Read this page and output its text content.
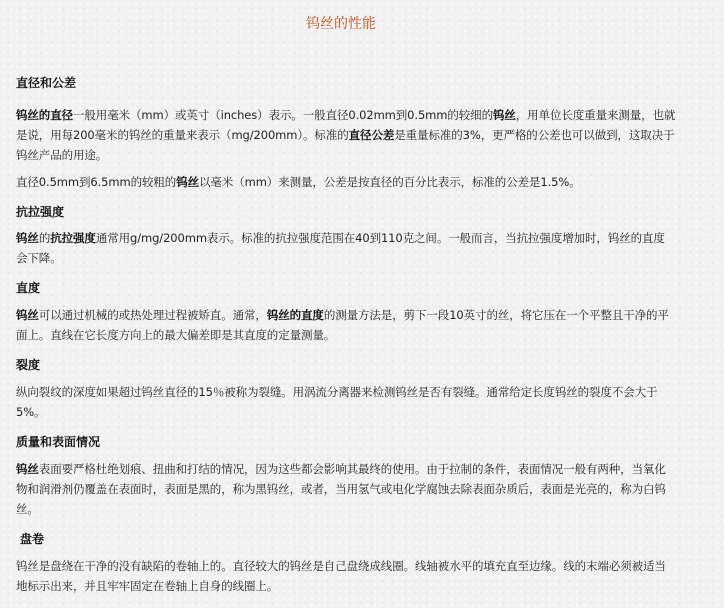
钨丝的性能
直径和公差
钨丝的直径一般用毫米（mm）或英寸（inches）表示。一般直径0.02mm到0.5mm的较细的钨丝，用单位长度重量来测量，也就是说，用每200毫米的钨丝的重量来表示（mg/200mm）。标准的直径公差是重量标准的3%，更严格的公差也可以做到，这取决于钨丝产品的用途。
直径0.5mm到6.5mm的较粗的钨丝以毫米（mm）来测量，公差是按直径的百分比表示，标准的公差是1.5%。
抗拉强度
钨丝的抗拉强度通常用g/mg/200mm表示。标准的抗拉强度范围在40到110克之间。一般而言，当抗拉强度增加时，钨丝的直度会下降。
直度
钨丝可以通过机械的或热处理过程被矫直。通常，钨丝的直度的测量方法是，剪下一段10英寸的丝，将它压在一个平整且干净的平面上。直线在它长度方向上的最大偏差即是其直度的定量测量。
裂度
纵向裂纹的深度如果超过钨丝直径的15％被称为裂缝。用涡流分离器来检测钨丝是否有裂缝。通常给定长度钨丝的裂度不会大于5%。
质量和表面情况
钨丝表面要严格杜绝划痕、扭曲和打结的情况，因为这些都会影响其最终的使用。由于拉制的条件，表面情况一般有两种，当氧化物和润滑剂仍覆盖在表面时，表面是黑的，称为黑钨丝，或者，当用氢气或电化学腐蚀去除表面杂质后，表面是光亮的，称为白钨丝。
盘卷
钨丝是盘绕在干净的没有缺陷的卷轴上的。直径较大的钨丝是自己盘绕成线圈。线轴被水平的填充直至边缘。线的末端必须被适当地标示出来，并且牢牢固定在卷轴上自身的线圈上。
